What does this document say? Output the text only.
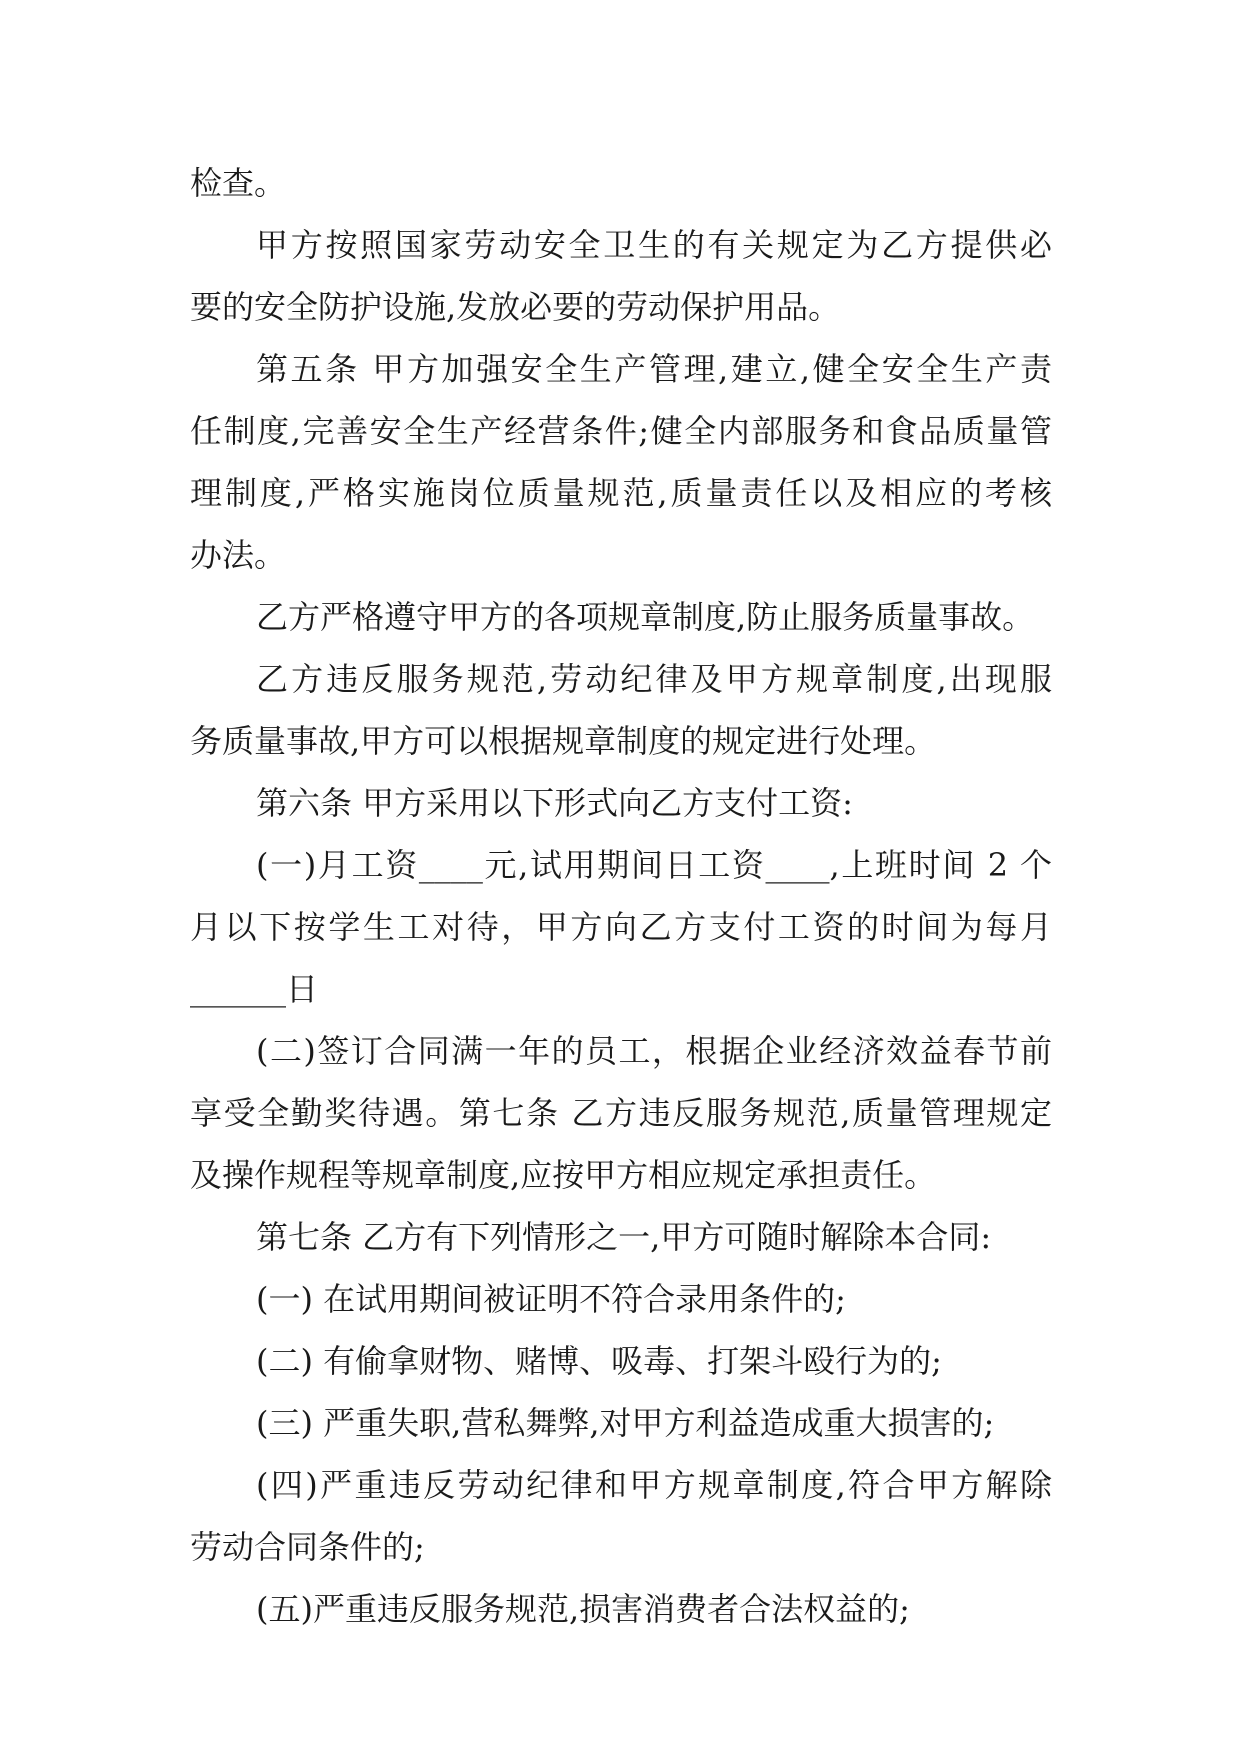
检查。
甲方按照国家劳动安全卫生的有关规定为乙方提供必
要的安全防护设施,发放必要的劳动保护用品。
第五条 甲方加强安全生产管理,建立,健全安全生产责
任制度,完善安全生产经营条件;健全内部服务和食品质量管
理制度,严格实施岗位质量规范,质量责任以及相应的考核
办法。
乙方严格遵守甲方的各项规章制度,防止服务质量事故。
乙方违反服务规范,劳动纪律及甲方规章制度,出现服
务质量事故,甲方可以根据规章制度的规定进行处理。
第六条 甲方采用以下形式向乙方支付工资:
(一)月工资____元,试用期间日工资____,上班时间 2 个
月以下按学生工对待，甲方向乙方支付工资的时间为每月
______日
(二)签订合同满一年的员工，根据企业经济效益春节前
享受全勤奖待遇。第七条 乙方违反服务规范,质量管理规定
及操作规程等规章制度,应按甲方相应规定承担责任。
第七条 乙方有下列情形之一,甲方可随时解除本合同:
(一) 在试用期间被证明不符合录用条件的;
(二) 有偷拿财物、赌博、吸毒、打架斗殴行为的;
(三) 严重失职,营私舞弊,对甲方利益造成重大损害的;
(四)严重违反劳动纪律和甲方规章制度,符合甲方解除
劳动合同条件的;
(五)严重违反服务规范,损害消费者合法权益的;
